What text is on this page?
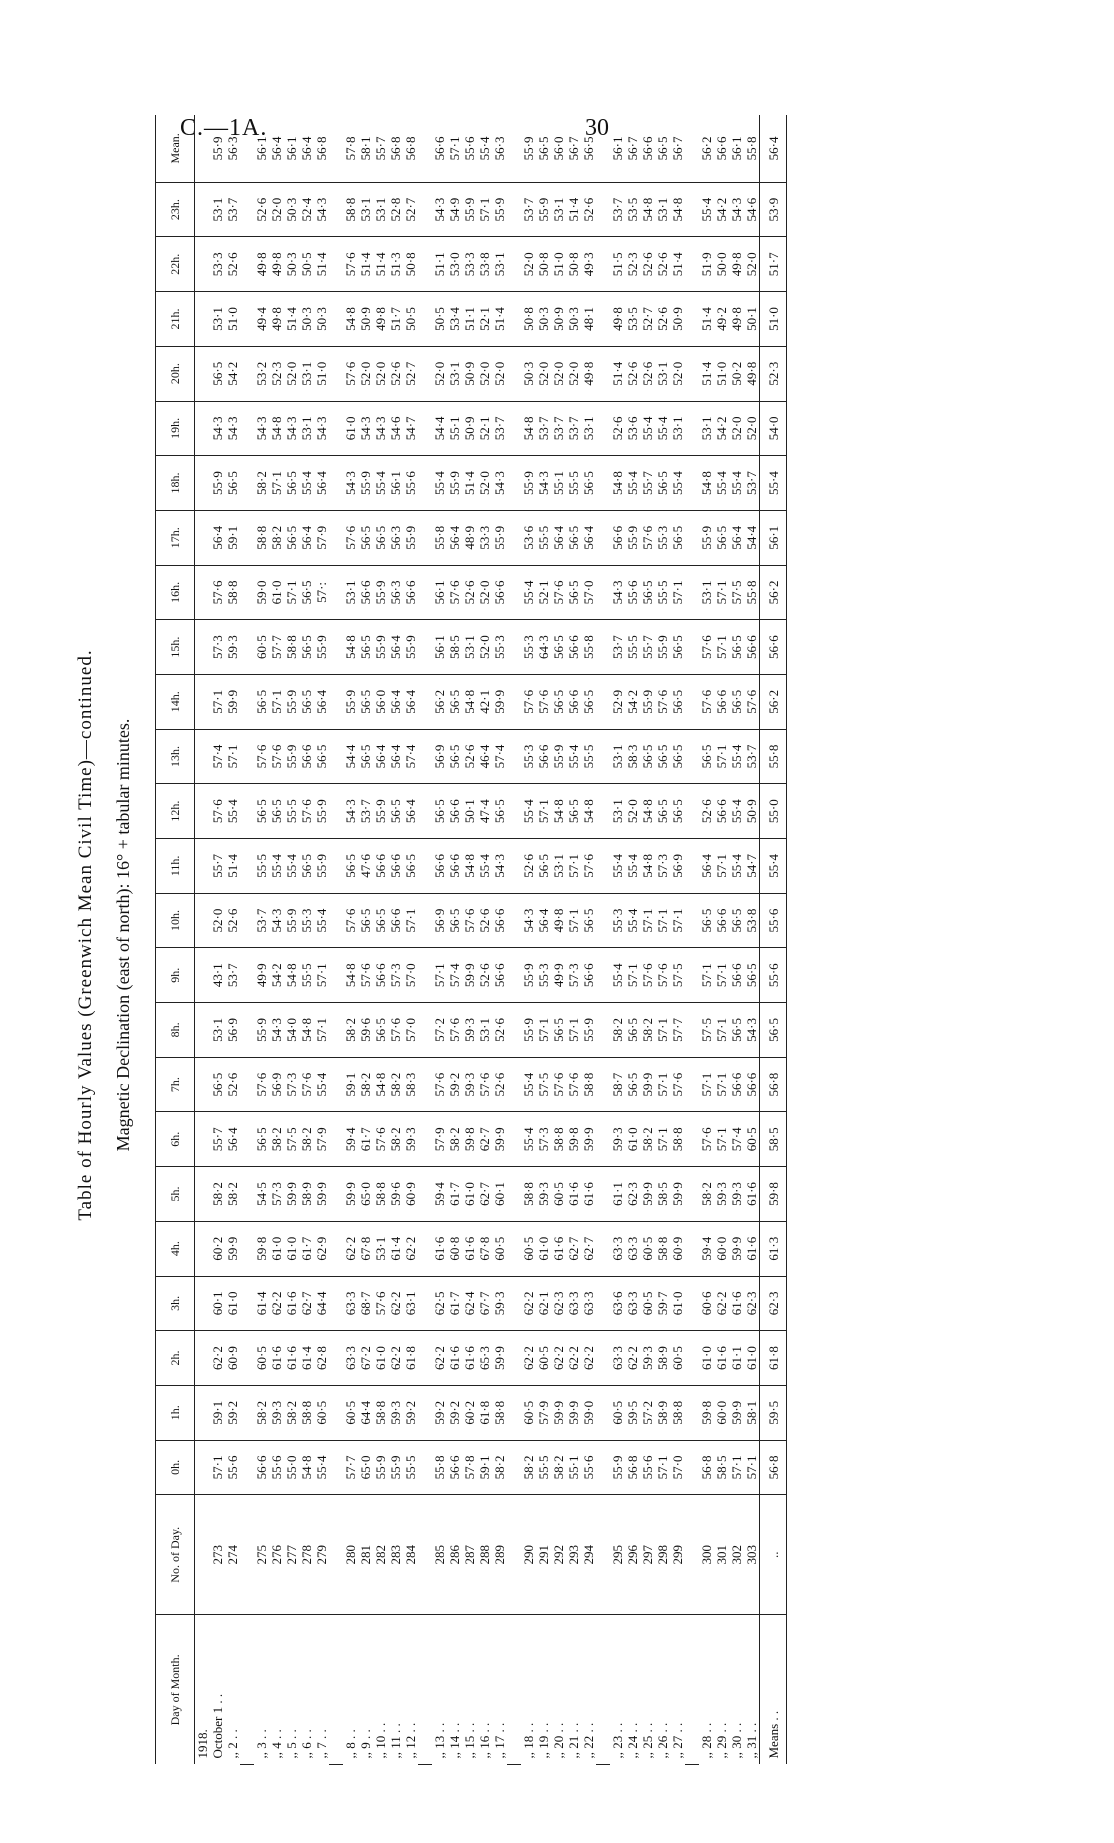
C.—1A.	30
Table of Hourly Values (Greenwich Mean Civil Time)—continued. Magnetic Declination (east of north): 16° + tabular minutes.
Day of Month.	No. of Day.	0h.	1h.	2h.	3h.	4h.	5h.	6h.	7h.	8h.	9h.	10h.	11h.	12h.	13h.	14h.	15h.	16h.	17h.	18h.	19h.	20h.	21h.	22h.	23h.	Mean.
1918.																										
October 1 . .	273	57·1	59·1	62·2	60·1	60·2	58·2	55·7	56·5	53·1	43·1	52·0	55·7	57·6	57·4	57·1	57·3	57·6	56·4	55·9	54·3	56·5	53·1	53·3	53·1	55·9
,, 2 . .	274	55·6	59·2	60·9	61·0	59·9	58·2	56·4	52·6	56·9	53·7	52·6	51·4	55·4	57·1	59·9	59·3	58·8	59·1	56·5	54·3	54·2	51·0	52·6	53·7	56·3

,, 3 . .	275	56·6	58·2	60·5	61·4	59·8	54·5	56·5	57·6	55·9	49·9	53·7	55·5	56·5	57·6	56·5	60·5	59·0	58·8	58·2	54·3	53·2	49·4	49·8	52·6	56·1
,, 4 . .	276	55·6	59·3	61·6	62·2	61·0	57·3	58·2	56·9	54·3	54·2	54·3	55·4	56·5	57·6	57·1	57·7	61·0	58·2	57·1	54·8	52·3	49·8	49·8	52·0	56·4
,, 5 . .	277	55·0	58·2	61·6	61·6	61·0	59·9	57·5	57·3	54·0	54·8	55·9	55·4	55·5	55·9	55·9	58·8	57·1	56·5	56·5	54·3	52·0	51·4	50·3	50·3	56·1
,, 6 . .	278	54·8	58·8	61·4	62·7	61·7	58·9	58·2	57·6	54·8	55·5	55·3	56·5	57·6	56·6	56·5	56·5	56·5	56·4	55·4	53·1	53·1	50·3	50·5	52·4	56·4
,, 7 . .	279	55·4	60·5	62·8	64·4	62·9	59·9	57·9	55·4	57·1	57·1	55·4	55·9	55·9	56·5	56·4	55·9	57·:	57·9	56·4	54·3	51·0	50·3	51·4	54·3	56·8

,, 8 . .	280	57·7	60·5	63·3	63·3	62·2	59·9	59·4	59·1	58·2	54·8	57·6	56·5	54·3	54·4	55·9	54·8	53·1	57·6	54·3	61·0	57·6	54·8	57·6	58·8	57·8
,, 9 . .	281	65·0	64·4	67·2	68·7	67·8	65·0	61·7	58·2	59·6	57·6	56·5	47·6	53·7	56·5	56·5	56·5	56·6	56·5	55·9	54·3	52·0	50·9	51·4	53·1	58·1
,, 10 . .	282	55·9	58·8	61·0	57·6	53·1	58·8	57·6	54·8	56·5	56·6	56·5	56·6	55·9	56·4	56·0	55·9	55·9	56·5	55·4	54·3	52·0	49·8	51·4	53·1	55·7
,, 11 . .	283	55·9	59·3	62·2	62·2	61·4	59·6	58·2	58·2	57·6	57·3	56·6	56·6	56·5	56·4	56·4	56·4	56·3	56·3	56·1	54·6	52·6	51·7	51·3	52·8	56·8
,, 12 . .	284	55·5	59·2	61·8	63·1	62·2	60·9	59·3	58·3	57·0	57·0	57·1	56·5	56·4	57·4	56·4	55·9	56·6	55·9	55·6	54·7	52·7	50·5	50·8	52·7	56·8

,, 13 . .	285	55·8	59·2	62·2	62·5	61·6	59·4	57·9	57·6	57·2	57·1	56·9	56·6	56·5	56·9	56·2	56·1	56·1	55·8	55·4	54·4	52·0	50·5	51·1	54·3	56·6
,, 14 . .	286	56·6	59·2	61·6	61·7	60·8	61·7	58·2	59·2	57·6	57·4	56·5	56·6	56·6	56·5	56·5	58·5	57·6	56·4	55·9	55·1	53·1	53·4	53·0	54·9	57·1
,, 15 . .	287	57·8	60·2	61·6	62·4	61·6	61·0	59·8	59·3	59·3	59·9	57·6	54·8	50·1	52·6	54·8	53·1	52·6	48·9	51·4	50·9	50·9	51·1	53·3	55·9	55·6
,, 16 . .	288	59·1	61·8	65·3	67·7	67·8	62·7	62·7	57·6	53·1	52·6	52·6	55·4	47·4	46·4	42·1	52·0	52·0	53·3	52·0	52·1	52·0	52·1	53·8	57·1	55·4
,, 17 . .	289	58·2	58·8	59·9	59·3	60·5	60·1	59·9	52·6	52·6	56·6	56·6	54·3	56·5	57·4	59·9	55·3	56·6	55·9	54·3	53·7	52·0	51·4	53·1	55·9	56·3

,, 18 . .	290	58·2	60·5	62·2	62·2	60·5	58·8	55·4	55·4	55·9	55·9	54·3	52·6	55·4	55·3	57·6	55·3	55·4	53·6	55·9	54·8	50·3	50·8	52·0	53·7	55·9
,, 19 . .	291	55·5	57·9	60·5	62·1	61·0	59·3	57·3	57·5	57·1	55·3	56·4	56·5	57·1	56·6	57·6	64·3	52·1	55·5	54·3	53·7	52·0	50·3	50·8	55·9	56·5
,, 20 . .	292	58·2	59·9	62·2	62·3	61·6	60·5	58·8	57·6	56·5	49·9	49·8	53·1	54·8	55·9	56·5	56·5	57·6	56·4	55·1	53·7	52·0	50·9	51·0	53·1	56·0
,, 21 . .	293	55·1	59·9	62·2	63·3	62·7	61·6	59·8	57·6	57·1	57·3	57·1	57·1	56·5	55·4	56·6	56·6	56·5	56·5	55·5	53·7	52·0	50·3	50·8	51·4	56·7
,, 22 . .	294	55·6	59·0	62·2	63·3	62·7	61·6	59·9	58·8	55·9	56·6	56·5	57·6	54·8	55·5	56·5	55·8	57·0	56·4	56·5	53·1	49·8	48·1	49·3	52·6	56·5

,, 23 . .	295	55·9	60·5	63·3	63·6	63·3	61·1	59·3	58·7	58·2	55·4	55·3	55·4	53·1	53·1	52·9	53·7	54·3	56·6	54·8	52·6	51·4	49·8	51·5	53·7	56·1
,, 24 . .	296	56·8	59·5	62·2	63·3	63·3	62·3	61·0	56·5	56·5	57·1	55·4	55·4	52·0	58·3	54·2	55·5	55·6	55·9	55·4	53·6	52·6	53·5	52·3	53·5	56·7
,, 25 . .	297	55·6	57·2	59·3	60·5	60·5	59·9	58·2	59·9	58·2	57·6	57·1	54·8	54·8	56·5	55·9	55·7	56·5	57·6	55·7	55·4	52·6	52·7	52·6	54·8	56·6
,, 26 . .	298	57·1	58·9	58·9	59·7	58·8	58·5	57·1	57·1	57·1	57·6	57·1	57·3	56·5	56·5	57·6	55·9	55·5	55·3	56·5	55·4	53·1	52·6	52·6	53·1	56·5
,, 27 . .	299	57·0	58·8	60·5	61·0	60·9	59·9	58·8	57·6	57·7	57·5	57·1	56·9	56·5	56·5	56·5	56·5	57·1	56·5	55·4	53·1	52·0	50·9	51·4	54·8	56·7

,, 28 . .	300	56·8	59·8	61·0	60·6	59·4	58·2	57·6	57·1	57·5	57·1	56·5	56·4	52·6	56·5	57·6	57·6	53·1	55·9	54·8	53·1	51·4	51·4	51·9	55·4	56·2
,, 29 . .	301	58·5	60·0	61·6	62·2	60·0	59·3	57·1	57·1	57·1	57·1	56·6	57·1	56·6	57·1	56·6	57·1	57·1	56·5	55·4	54·2	51·0	49·2	50·0	54·2	56·6
,, 30 . .	302	57·1	59·9	61·1	61·6	59·9	59·3	57·4	56·6	56·5	56·6	56·5	55·4	55·4	55·4	56·5	56·5	57·5	56·4	55·4	52·0	50·2	49·8	49·8	54·3	56·1
,, 31 . .	303	57·1	58·1	61·0	62·3	61·6	61·6	60·5	56·6	54·3	56·5	53·8	54·7	50·9	53·7	57·6	56·6	55·8	54·4	53·7	52·0	49·8	50·1	52·0	54·6	55·8
Means . .	..	56·8	59·5	61·8	62·3	61·3	59·8	58·5	56·8	56·5	55·6	55·6	55·4	55·0	55·8	56·2	56·6	56·2	56·1	55·4	54·0	52·3	51·0	51·7	53·9	56·4
